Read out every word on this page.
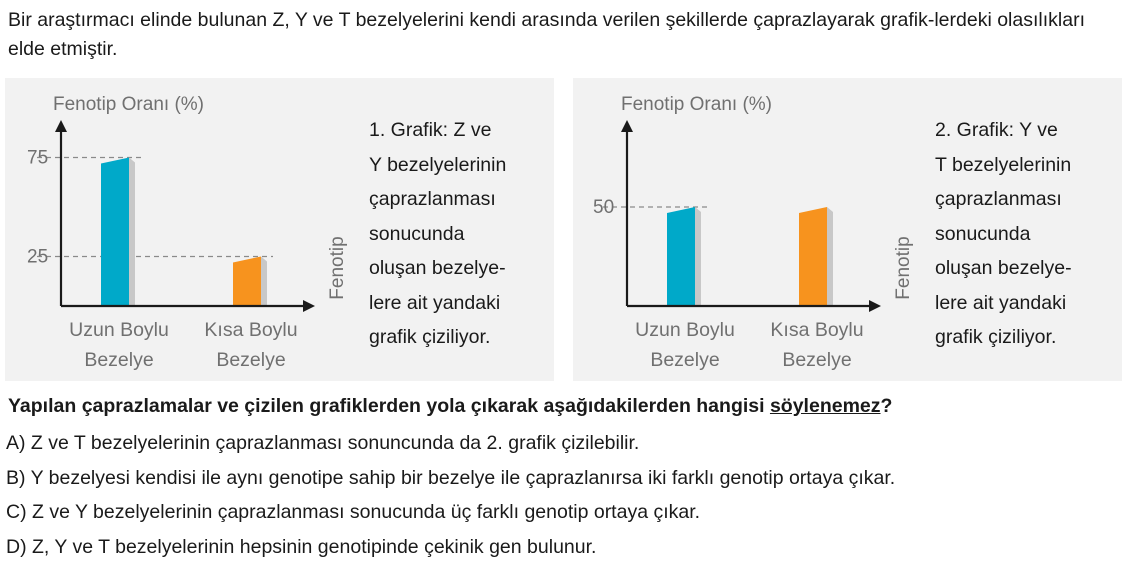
Bir araştırmacı elinde bulunan Z, Y ve T bezelyelerini kendi arasında verilen şekillerde çaprazlayarak grafik-lerdeki olasılıkları elde etmiştir.
Fenotip Oranı (%)
75
25
Uzun Boylu
Bezelye
Kısa Boylu
Bezelye
Fenotip
1. Grafik: Z ve
Y bezelyelerinin
çaprazlanması
sonucunda
oluşan bezelye-
lere ait yandaki
grafik çiziliyor.
Fenotip Oranı (%)
50
Uzun Boylu
Bezelye
Kısa Boylu
Bezelye
Fenotip
2. Grafik: Y ve
T bezelyelerinin
çaprazlanması
sonucunda
oluşan bezelye-
lere ait yandaki
grafik çiziliyor.
Yapılan çaprazlamalar ve çizilen grafiklerden yola çıkarak aşağıdakilerden hangisi söylenemez?
A) Z ve T bezelyelerinin çaprazlanması sonuncunda da 2. grafik çizilebilir.
B) Y bezelyesi kendisi ile aynı genotipe sahip bir bezelye ile çaprazlanırsa iki farklı genotip ortaya çıkar.
C) Z ve Y bezelyelerinin çaprazlanması sonucunda üç farklı genotip ortaya çıkar.
D) Z, Y ve T bezelyelerinin hepsinin genotipinde çekinik gen bulunur.
